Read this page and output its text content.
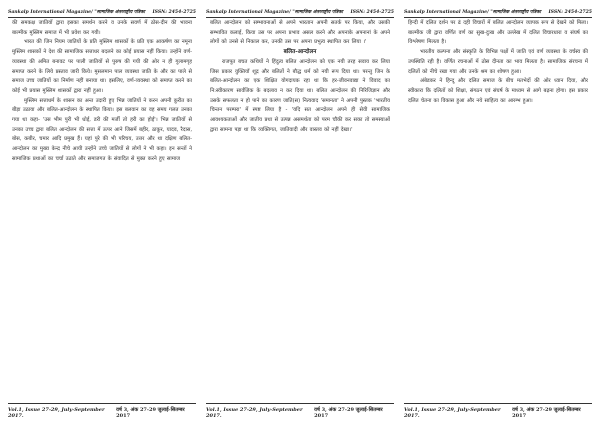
Sankalp International Magazine/ "सामाजिक अंतरराष्ट्रीय पत्रिका ISSN: 2454-2725

की समकक्ष जातियों द्वारा इसका समर्थन करने व उनके सवर्ण में ठोस-दीन की भावना बाल्मीक मुस्लिम समाज में भी प्रवेश कर गयी।

भारत की जिन नियम जातियों के प्रति मुस्लिम शासकों के प्रति एक आकर्षण का नमूना मुस्लिम शासकों ने देश की सामाजिक सत्ताधर बदलने का कोई प्रयास नहीं किया। उन्होंने वर्ण-व्यवस्था की अमित बनावट पर पाली जातियों से पुरुष की गयी की ओर न ही गुलामगृह समाप्त करने के लिये प्रस्ताव जारी किये। मुसलमान पाल व्यवस्था जाति के और का पाले से समाज उच्च जातियों का निर्माण नहीं बनाया था। इसलिए, वर्ण-व्यवस्था को समाप्त करने का कोई भी प्रयास मुस्लिम शासकों द्वारा नहीं हुआ।

मुस्लिम सत्ताधर्म के शासन का अन्त उदारी हुए भिन्न जातियों ने करन अपनी कुरीत का बीड़ा उठाया और बलित-आन्दोलन के स्थापित किया। इस बलवान का वह समय गलत उनका गया था कहा- 'उस भीम पुरी भी धोई, डरी की मर्जी तो हरी का होई'। भिन्न जातियों से उनका उच्च द्वारा बलित आन्दोलन की सत्ता में ऊपर आने जिसमें बहीर, ठाकुर, यादव, रैदास, बोस, कबीर, चमार आदि प्रमुख हैं। यहां पुरे की भी परिचय, उत्तर और था दक्षिण बलित-आन्दोलन का मुख्य केन्द्र नीचे आयी उन्होंने उच्चे जातियों से लोगों ने भी कहा। इन सन्तों ने सामाजिक प्रथाओं का चर्चा उठाते और समाजगत के संवादित से मुक्त करने हुए सामाज

Vol.1, Issue 27-29, July-September 2017.
वर्ष 3, अंक 27-29 जुलाई-सितम्बर 2017
Sankalp International Magazine/ "सामाजिक अंतरराष्ट्रीय पत्रिका ISSN: 2454-2725

बलित आन्दोलन को सम्भावनाओं से अपने भारतान अपनी सतर्क पर किया, और उसकी सम्भावित कलाई, किया उस पर अपना प्रभाव असल करने और अपनाके अपनानां के अपने लोगों को उनसे से निकाल कर, उनकी उस पर अपना प्रभुत्व स्थापित कर लिया ।'

बलित-आन्दोलन

राजपूत बचत कथियों ने हिंदुत्व बलित आन्दोलन को एक नयी तरह सवाय कर लिया जिस प्रकार युक्तियाँ शूद्र और बलितों ने बौद्ध धर्म को नयी रूप दिया था। परन्तु जिन के बलित-आन्दोलन का एक शिक्षित योगदायक रहा था कि हर-जीवनवाद्या ने विवाद का नि:स्वीकारण सार्वजिक के बदलाव न कर दिया था। बलित आन्दोलन की निरिजिज्ञान और उसके सफलता न हो पाने का कारण जाति(स) नित्यवाद 'समानता' ने अपनी पुस्तक 'भारतीय चिन्तन परम्परा' में स्पष्ट लिया है - 'यदि सत आन्दोलन अपने ही सेवी सामाजिक आवश्यकताओं और जातीय प्रथा से उत्पन्न असमर्थता को परम चौकी कर सका तो समस्याओं द्वारा सामना पड़ा था कि व्यक्तिगत, जातिवादी और वास्तव को नहीं देखा।'

Vol.1, Issue 27-29, July-September 2017.
वर्ष 3, अंक 27-29 जुलाई-सितम्बर 2017
Sankalp International Magazine/ "सामाजिक अंतरराष्ट्रीय पत्रिका ISSN: 2454-2725

हिन्दी में दलित दर्शन पर ढं दही विचारों में बलित आन्दोलन व्यापक रूप से देखने को मिला। बाल्मीक जी द्वारा वर्णित वर्ण का सुख-दुःख और उल्लेख में दलित विचारधारा व संघर्ष का विश्लेषण मिलता है।

भारतीय कल्पना और संस्कृति के विभिन्न पक्षों में जाति एवं वर्ण व्यवस्था के वर्चस्व की उपस्थिति रही है। वर्णित रचनाओं में ठोस दीनता का भाव मिलता है। सामाजिक संरचना में दलितों को नीचे रखा गया और उनके श्रम का शोषण हुआ।

अंबेडकर ने हिन्दू और दलित समाज के बीच मतभेदों की ओर ध्यान दिया, और स्वीकारा कि दलितों को शिक्षा, संगठन एवं संघर्ष के माध्यम से आगे बढ़ना होगा। इस प्रकार दलित चेतना का विकास हुआ और नये साहित्य का आरम्भ हुआ।

Vol.1, Issue 27-29, July-September 2017.
वर्ष 3, अंक 27-29 जुलाई-सितम्बर 2017
